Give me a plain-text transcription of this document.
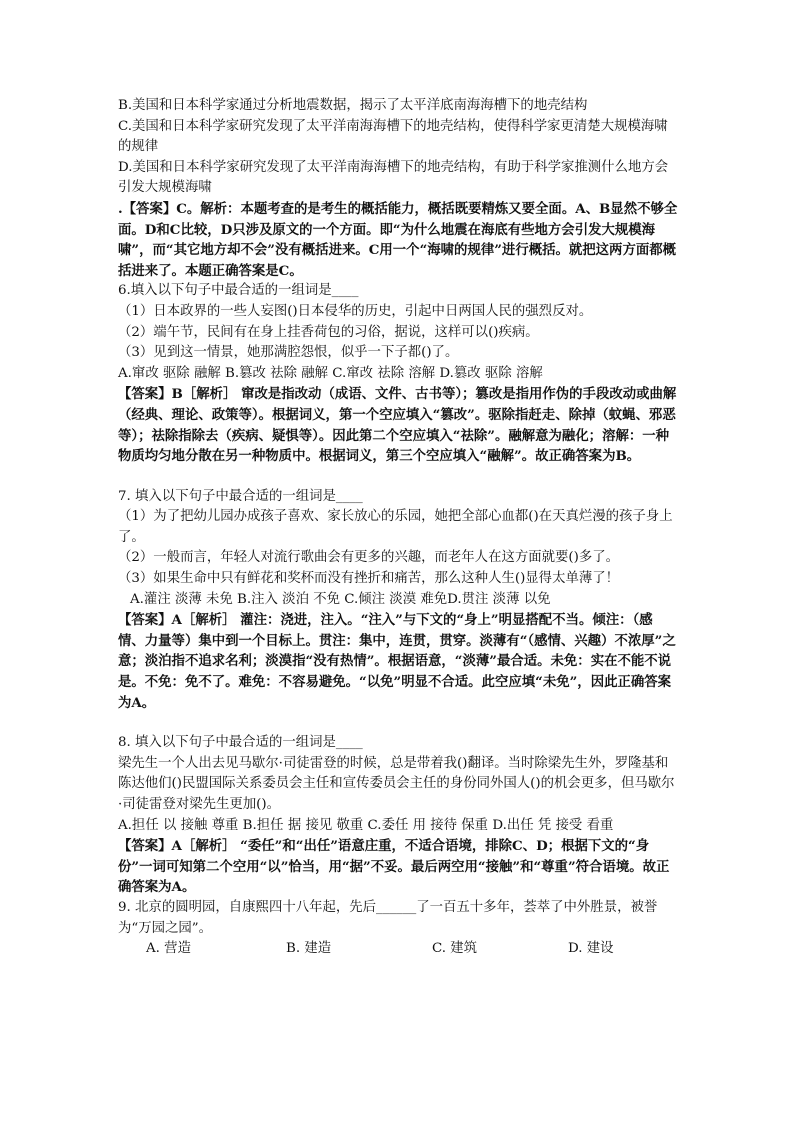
B.美国和日本科学家通过分析地震数据，揭示了太平洋底南海海槽下的地壳结构

C.美国和日本科学家研究发现了太平洋南海海槽下的地壳结构，使得科学家更清楚大规模海啸的规律

D.美国和日本科学家研究发现了太平洋南海海槽下的地壳结构，有助于科学家推测什么地方会引发大规模海啸

.【答案】C。解析：本题考查的是考生的概括能力，概括既要精炼又要全面。A、B显然不够全面。D和C比较，D只涉及原文的一个方面。即“为什么地震在海底有些地方会引发大规模海啸”，而“其它地方却不会”没有概括进来。C用一个“海啸的规律”进行概括。就把这两方面都概括进来了。本题正确答案是C。

6.填入以下句子中最合适的一组词是____

（1）日本政界的一些人妄图()日本侵华的历史，引起中日两国人民的强烈反对。

（2）端午节，民间有在身上挂香荷包的习俗，据说，这样可以()疾病。

（3）见到这一情景，她那满腔怨恨，似乎一下子都()了。

A.窜改 驱除 融解 B.篡改 祛除 融解 C.窜改 祛除 溶解 D.篡改 驱除 溶解

【答案】B［解析］ 窜改是指改动（成语、文件、古书等）；篡改是指用作伪的手段改动或曲解（经典、理论、政策等）。根据词义，第一个空应填入“篡改”。驱除指赶走、除掉（蚊蝇、邪恶等）；祛除指除去（疾病、疑惧等）。因此第二个空应填入“祛除”。融解意为融化；溶解：一种物质均匀地分散在另一种物质中。根据词义，第三个空应填入“融解”。故正确答案为B。

7. 填入以下句子中最合适的一组词是____

（1）为了把幼儿园办成孩子喜欢、家长放心的乐园，她把全部心血都()在天真烂漫的孩子身上了。

（2）一般而言，年轻人对流行歌曲会有更多的兴趣，而老年人在这方面就要()多了。

（3）如果生命中只有鲜花和奖杯而没有挫折和痛苦，那么这种人生()显得太单薄了！

A.灌注 淡薄 未免 B.注入 淡泊 不免 C.倾注 淡漠 难免D.贯注 淡薄 以免

【答案】A［解析］ 灌注：浇进，注入。“注入”与下文的“身上”明显搭配不当。倾注：（感情、力量等）集中到一个目标上。贯注：集中，连贯，贯穿。淡薄有“（感情、兴趣）不浓厚”之意；淡泊指不追求名利；淡漠指“没有热情”。根据语意，“淡薄”最合适。未免：实在不能不说是。不免：免不了。难免：不容易避免。“以免”明显不合适。此空应填“未免”，因此正确答案为A。

8. 填入以下句子中最合适的一组词是____

梁先生一个人出去见马歇尔·司徒雷登的时候，总是带着我()翻译。当时除梁先生外，罗隆基和陈达他们()民盟国际关系委员会主任和宣传委员会主任的身份同外国人()的机会更多，但马歇尔·司徒雷登对梁先生更加()。

A.担任 以 接触 尊重 B.担任 据 接见 敬重 C.委任 用 接待 保重 D.出任 凭 接受 看重

【答案】A［解析］ “委任”和“出任”语意庄重，不适合语境，排除C、D；根据下文的“身份”一词可知第二个空用“以”恰当，用“据”不妥。最后两空用“接触”和“尊重”符合语境。故正确答案为A。

9. 北京的圆明园，自康熙四十八年起，先后______了一百五十多年，荟萃了中外胜景，被誉为“万园之园”。

A. 营造	B. 建造	C. 建筑	D. 建设
